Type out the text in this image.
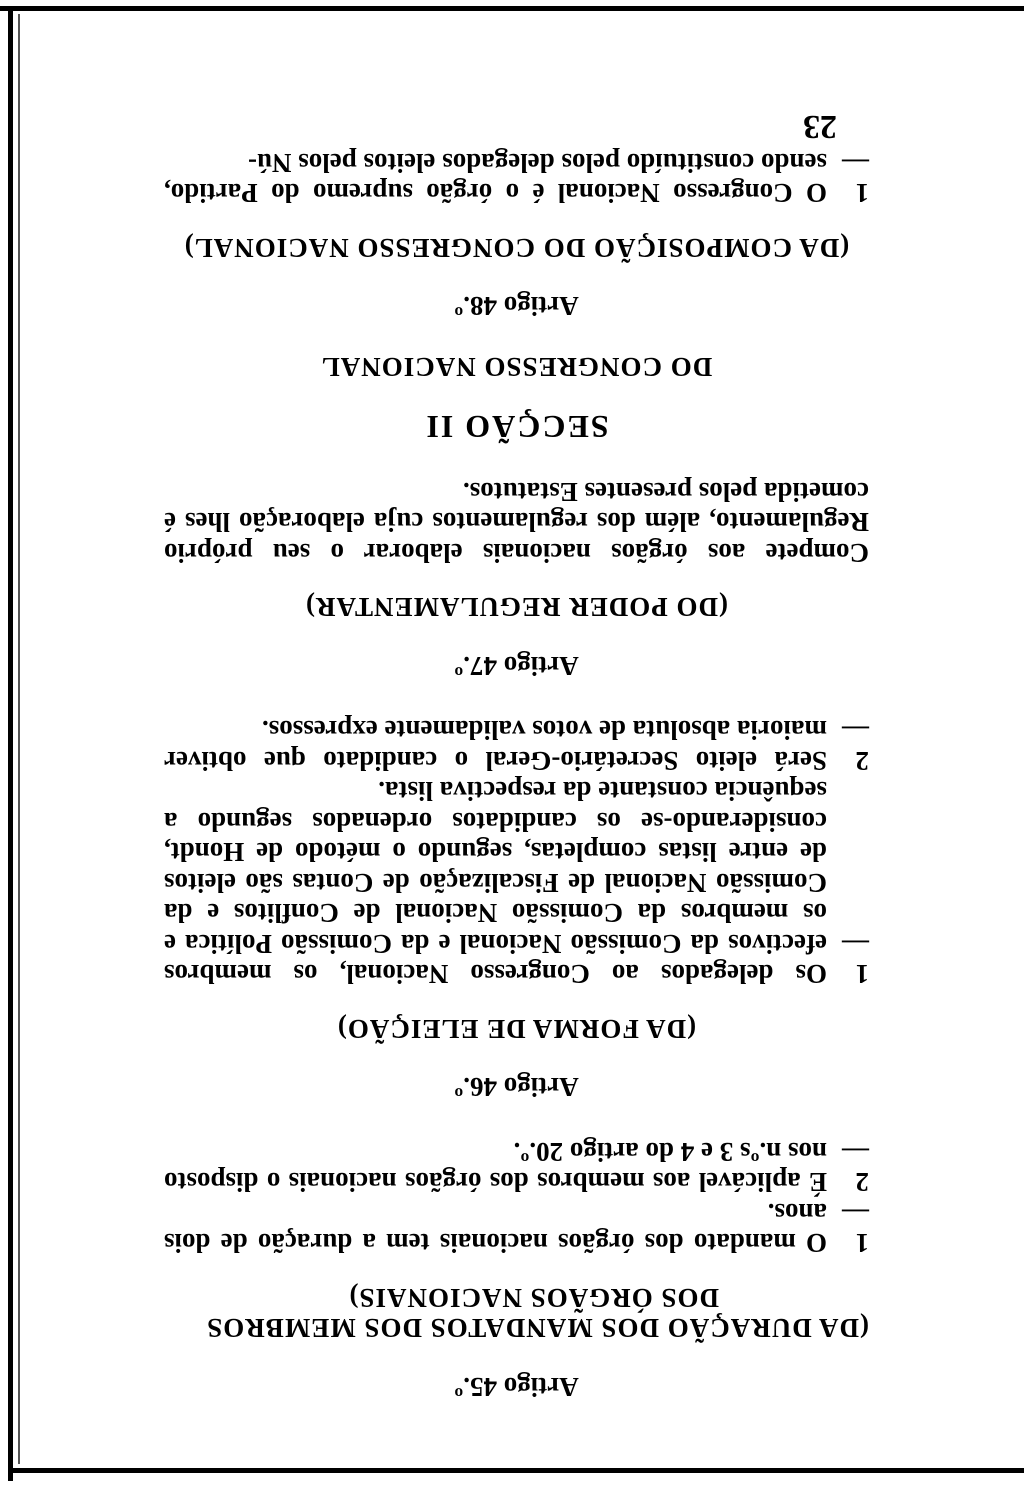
Artigo 45.º
(DA DURAÇÃO DOS MANDATOS DOS MEMBROS
DOS ÓRGÃOS NACIONAIS)
1 —
O mandato dos órgãos nacionais tem a duração de dois anos.
2 —
É aplicável aos membros dos órgãos nacionais o disposto nos n.ºs 3 e 4 do artigo 20.º.
Artigo 46.º
(DA FORMA DE ELEIÇÃO)
1 —
Os delegados ao Congresso Nacional, os membros efectivos da Comissão Nacional e da Comissão Política e os membros da Comissão Nacional de Conflitos e da Comissão Nacional de Fiscalização de Contas são eleitos de entre listas completas, segundo o método de Hondt, considerando-se os candidatos ordenados segundo a sequência constante da respectiva lista.
2 —
Será eleito Secretário-Geral o candidato que obtiver maioria absoluta de votos validamente expressos.
Artigo 47.º
(DO PODER REGULAMENTAR)

Compete aos órgãos nacionais elaborar o seu próprio Regulamento, além dos regulamentos cuja elaboração lhes é cometida pelos presentes Estatutos.

SECÇÃO II
DO CONGRESSO NACIONAL
Artigo 48.º
(DA COMPOSIÇÃO DO CONGRESSO NACIONAL)
1 —
O Congresso Nacional é o órgão supremo do Partido, sendo constituído pelos delegados eleitos pelos Nú-
23
